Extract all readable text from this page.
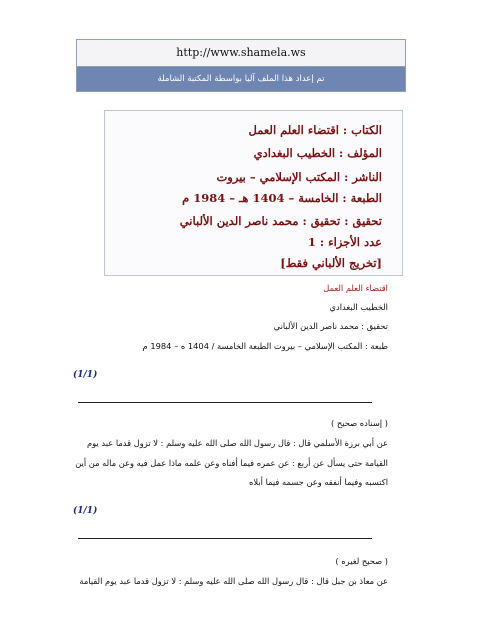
http://www.shamela.ws
تم إعداد هذا الملف آليا بواسطة المكتبة الشاملة
الكتاب : اقتضاء العلم العمل
المؤلف : الخطيب البغدادي
الناشر : المكتب الإسلامي – بيروت
الطبعة : الخامسة – 1404 هـ – 1984 م
تحقيق : تحقيق : محمد ناصر الدين الألباني
عدد الأجزاء : 1
[تخريج الألباني فقط]
اقتضاء العلم العمل
الخطيب البغدادي
تحقيق : محمد ناصر الدين الألباني
طبعة : المكتب الإسلامي – بيروت الطبعة الخامسة / 1404 ه – 1984 م
(1/1)
( إسناده صحيح )
عن أبي برزة الأسلمي قال : قال رسول الله صلى الله عليه وسلم : لا تزول قدما عبد يوم
القيامة حتى يسأل عن أربع : عن عمره فيما أفناه وعن علمه ماذا عمل فيه وعن ماله من أين
اكتسبه وفيما أنفقه وعن جسمه فيما أبلاه
(1/1)
( صحيح لغيره )
عن معاذ بن جبل قال : قال رسول الله صلى الله عليه وسلم : لا تزول قدما عبد يوم القيامة
